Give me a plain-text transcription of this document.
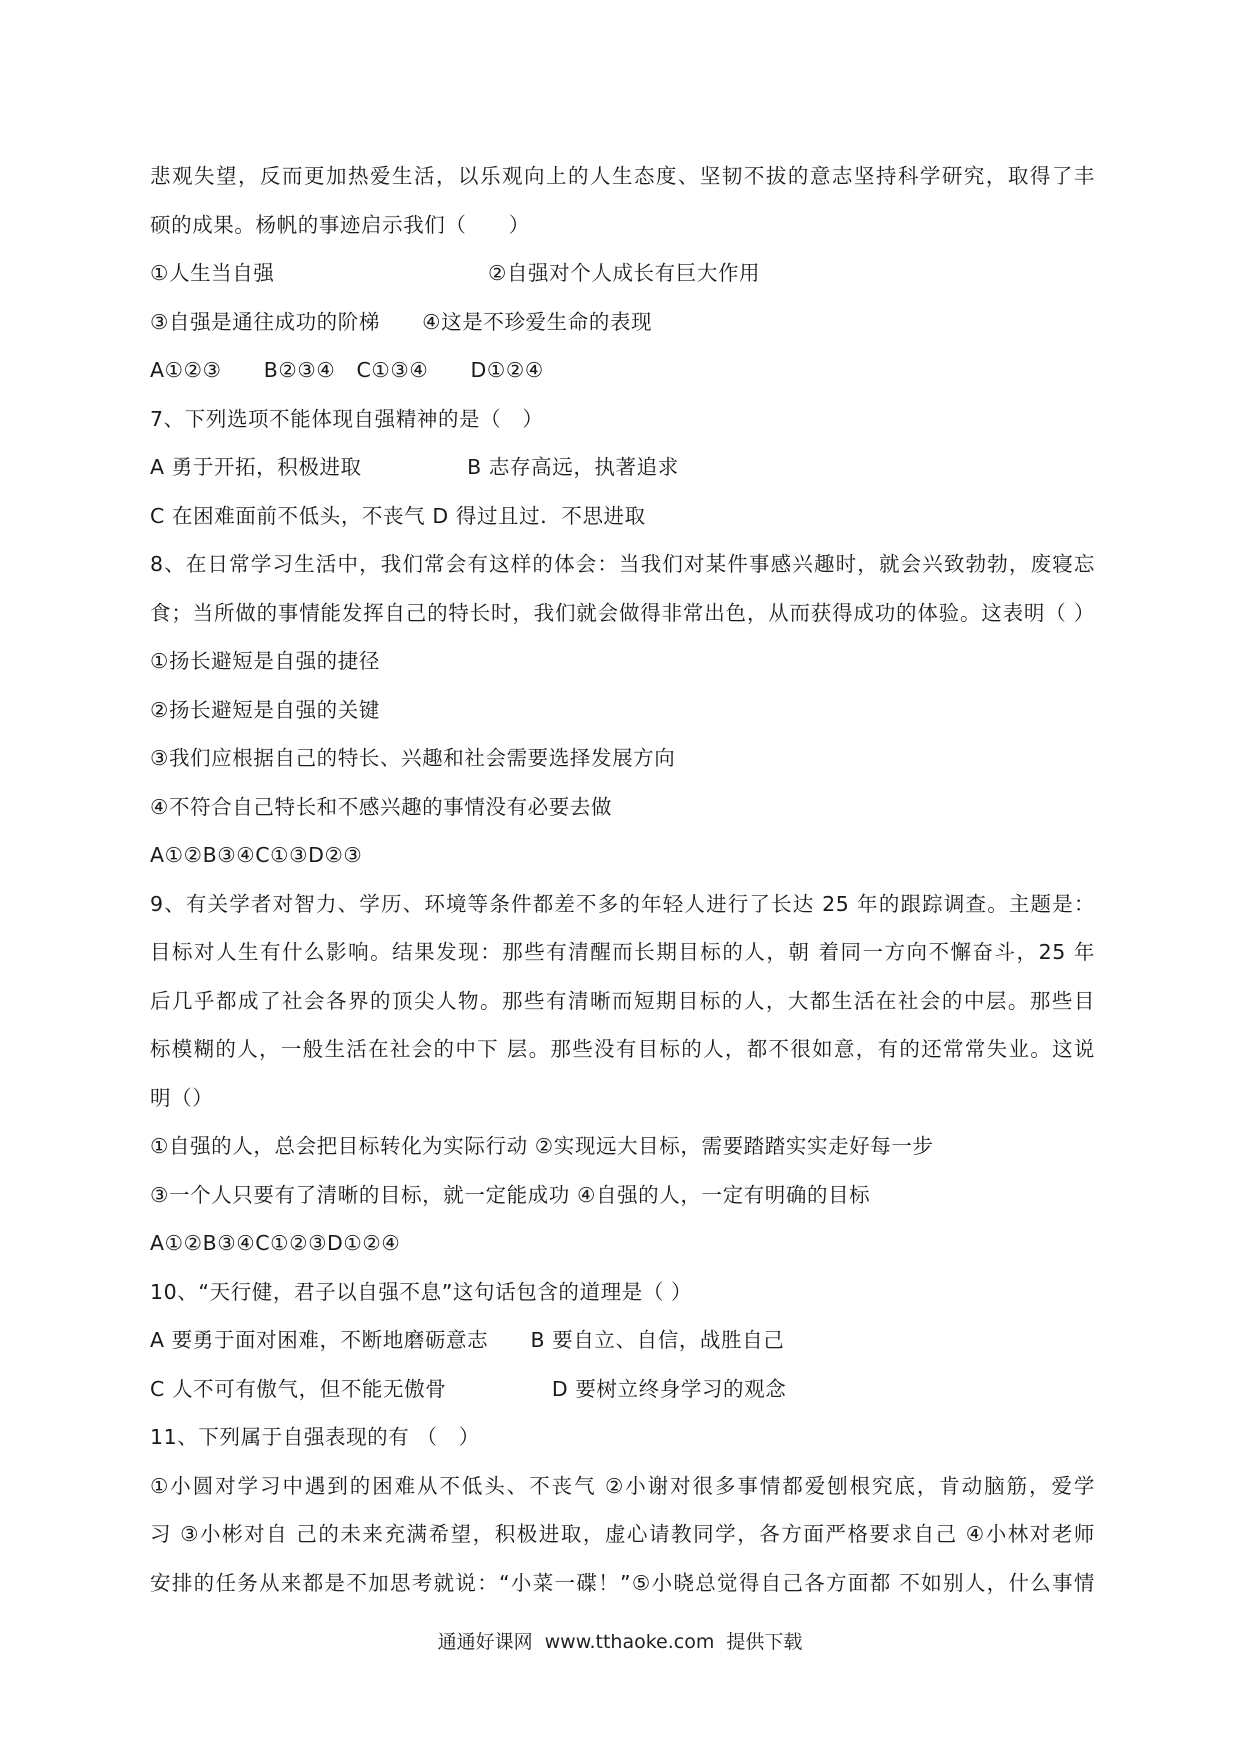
悲观失望，反而更加热爱生活，以乐观向上的人生态度、坚韧不拔的意志坚持科学研究，取得了丰
硕的成果。杨帆的事迹启示我们（　　）
①人生当自强                              ②自强对个人成长有巨大作用
③自强是通往成功的阶梯　　④这是不珍爱生命的表现
A①②③　　B②③④　C①③④　　D①②④
7、下列选项不能体现自强精神的是（　）
A 勇于开拓，积极进取　　　　　B 志存高远，执著追求
C 在困难面前不低头，不丧气 D 得过且过．不思进取
8、在日常学习生活中，我们常会有这样的体会：当我们对某件事感兴趣时，就会兴致勃勃，废寝忘
食；当所做的事情能发挥自己的特长时，我们就会做得非常出色，从而获得成功的体验。这表明（ ）
①扬长避短是自强的捷径
②扬长避短是自强的关键
③我们应根据自己的特长、兴趣和社会需要选择发展方向
④不符合自己特长和不感兴趣的事情没有必要去做
A①②B③④C①③D②③
9、有关学者对智力、学历、环境等条件都差不多的年轻人进行了长达 25 年的跟踪调查。主题是：
目标对人生有什么影响。结果发现：那些有清醒而长期目标的人，朝 着同一方向不懈奋斗，25 年
后几乎都成了社会各界的顶尖人物。那些有清晰而短期目标的人，大都生活在社会的中层。那些目
标模糊的人，一般生活在社会的中下 层。那些没有目标的人，都不很如意，有的还常常失业。这说
明（）
①自强的人，总会把目标转化为实际行动 ②实现远大目标，需要踏踏实实走好每一步
③一个人只要有了清晰的目标，就一定能成功 ④自强的人，一定有明确的目标
A①②B③④C①②③D①②④
10、“天行健，君子以自强不息”这句话包含的道理是（ ）
A 要勇于面对困难，不断地磨砺意志　　B 要自立、自信，战胜自己
C 人不可有傲气，但不能无傲骨　　　　　D 要树立终身学习的观念
11、下列属于自强表现的有 （　）
①小圆对学习中遇到的困难从不低头、不丧气 ②小谢对很多事情都爱刨根究底，肯动脑筋，爱学
习 ③小彬对自 己的未来充满希望，积极进取，虚心请教同学，各方面严格要求自己 ④小林对老师
安排的任务从来都是不加思考就说：“小菜一碟！”⑤小晓总觉得自己各方面都 不如别人，什么事情
通通好课网 www.tthaoke.com 提供下载
